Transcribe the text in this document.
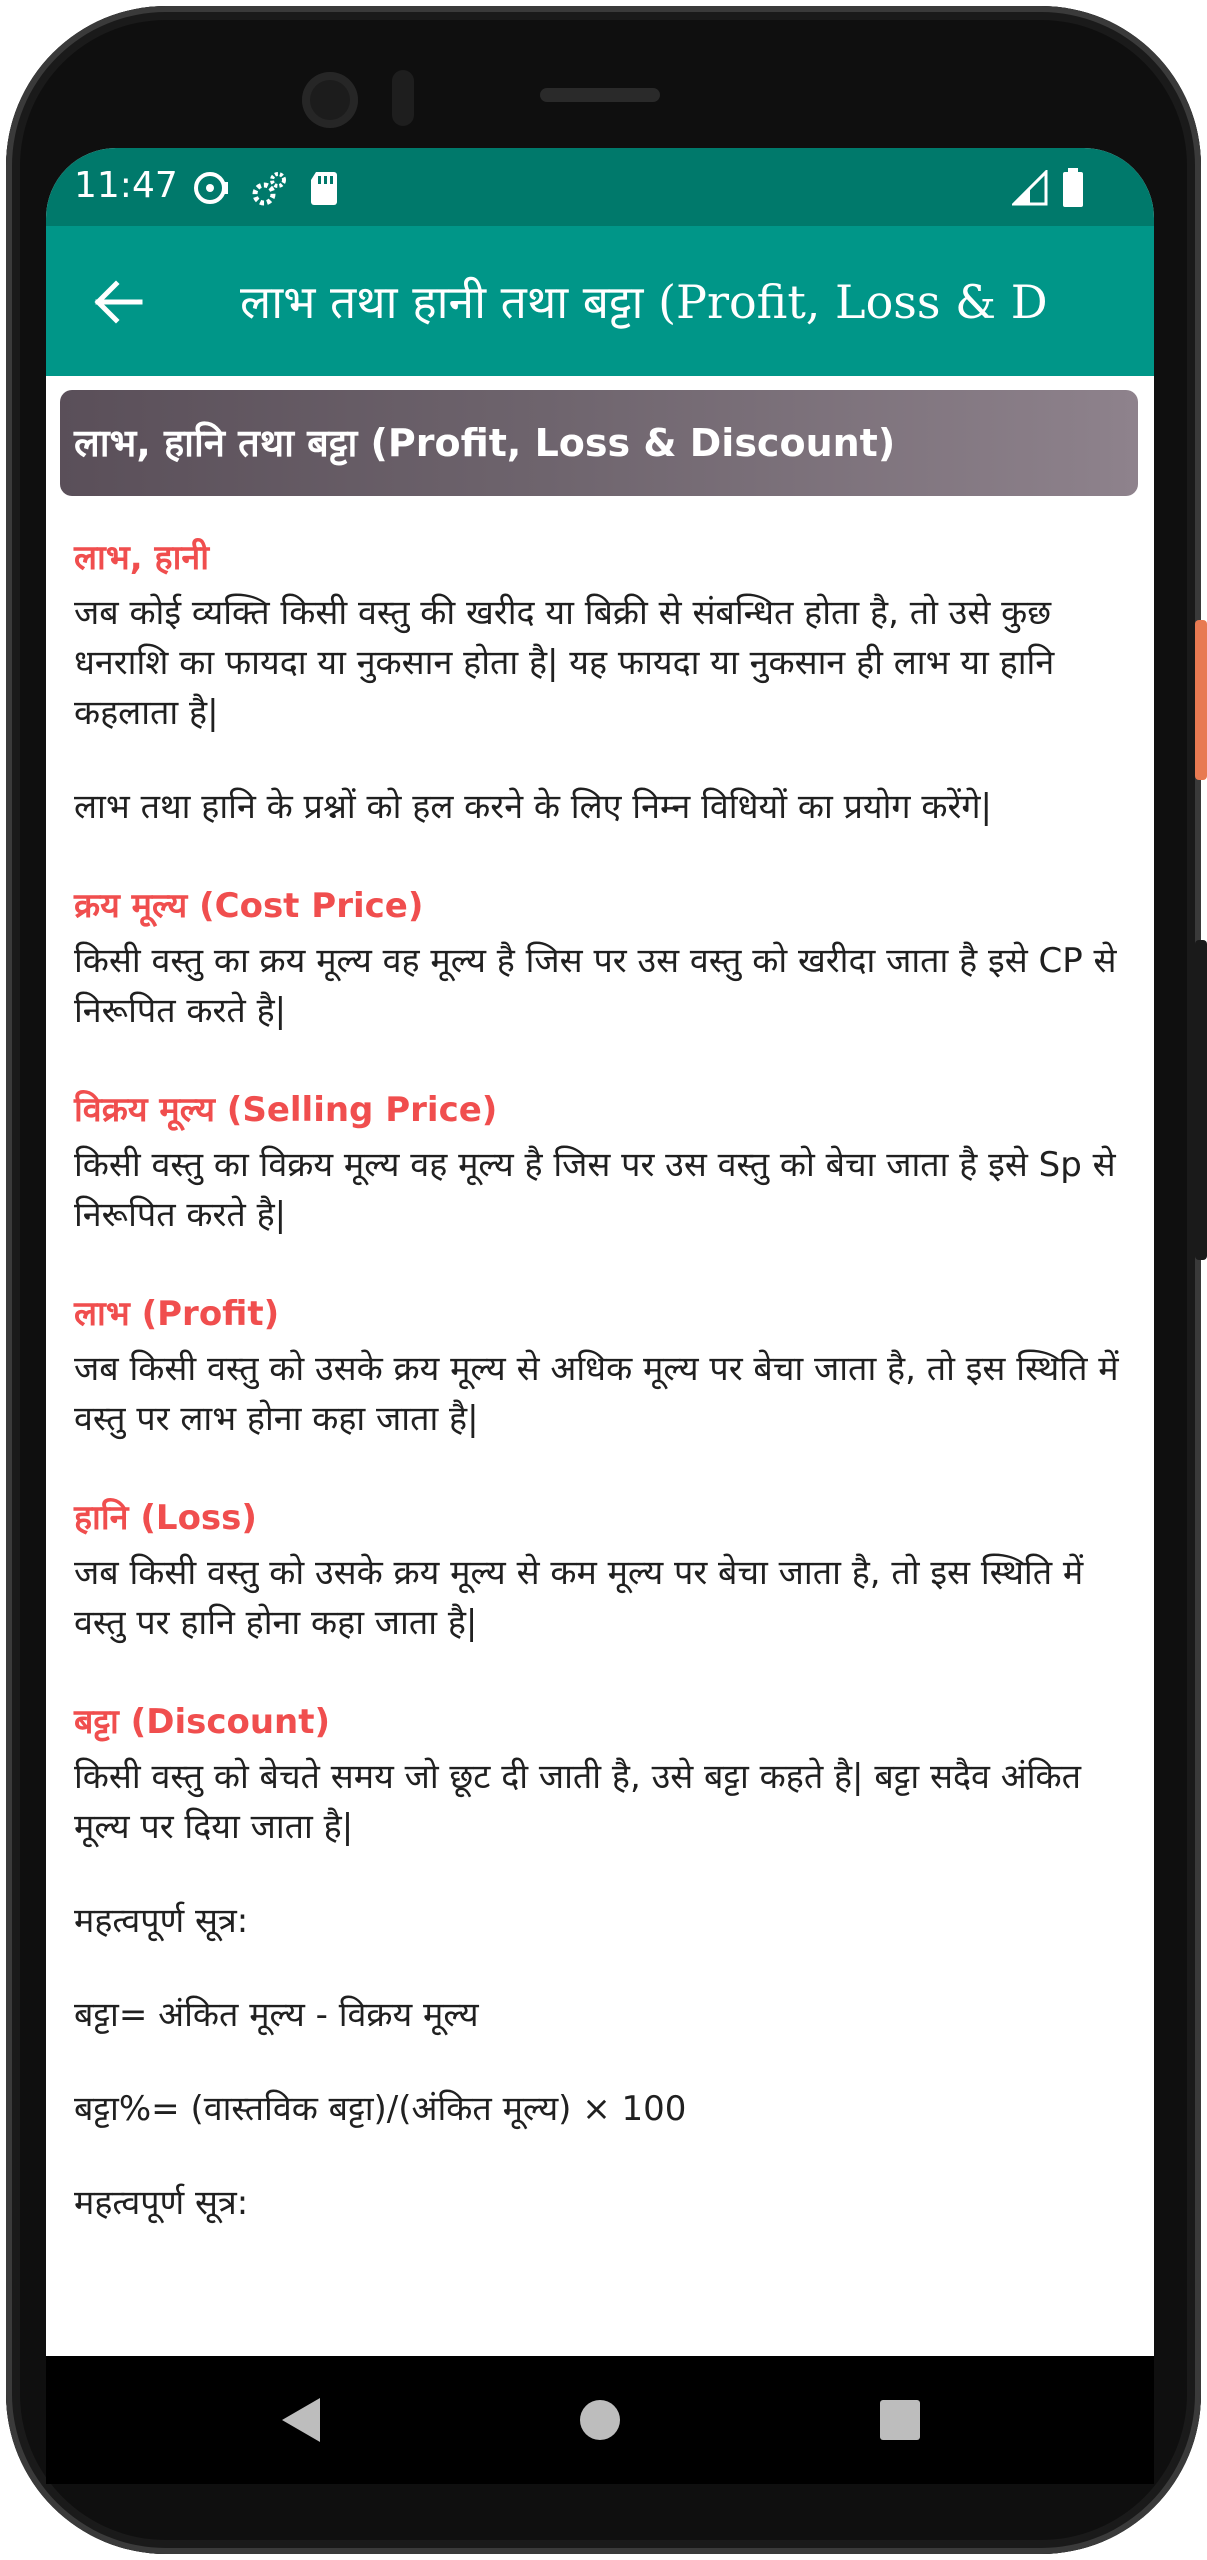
11:47
लाभ तथा हानी तथा बट्टा (Profit, Loss & D
लाभ, हानि तथा बट्टा (Profit, Loss & Discount)
लाभ, हानी
जब कोई व्यक्ति किसी वस्तु की खरीद या बिक्री से संबन्धित होता है, तो उसे कुछ धनराशि का फायदा या नुकसान होता है| यह फायदा या नुकसान ही लाभ या हानि कहलाता है|
लाभ तथा हानि के प्रश्नों को हल करने के लिए निम्न विधियों का प्रयोग करेंगे|
क्रय मूल्य (Cost Price)
किसी वस्तु का क्रय मूल्य वह मूल्य है जिस पर उस वस्तु को खरीदा जाता है इसे CP से निरूपित करते है|
विक्रय मूल्य (Selling Price)
किसी वस्तु का विक्रय मूल्य वह मूल्य है जिस पर उस वस्तु को बेचा जाता है इसे Sp से निरूपित करते है|
लाभ (Profit)
जब किसी वस्तु को उसके क्रय मूल्य से अधिक मूल्य पर बेचा जाता है, तो इस स्थिति में वस्तु पर लाभ होना कहा जाता है|
हानि (Loss)
जब किसी वस्तु को उसके क्रय मूल्य से कम मूल्य पर बेचा जाता है, तो इस स्थिति में वस्तु पर हानि होना कहा जाता है|
बट्टा (Discount)
किसी वस्तु को बेचते समय जो छूट दी जाती है, उसे बट्टा कहते है| बट्टा सदैव अंकित मूल्य पर दिया जाता है|
महत्वपूर्ण सूत्र:
बट्टा= अंकित मूल्य - विक्रय मूल्य
बट्टा%= (वास्तविक बट्टा)/(अंकित मूल्य) × 100
महत्वपूर्ण सूत्र:
